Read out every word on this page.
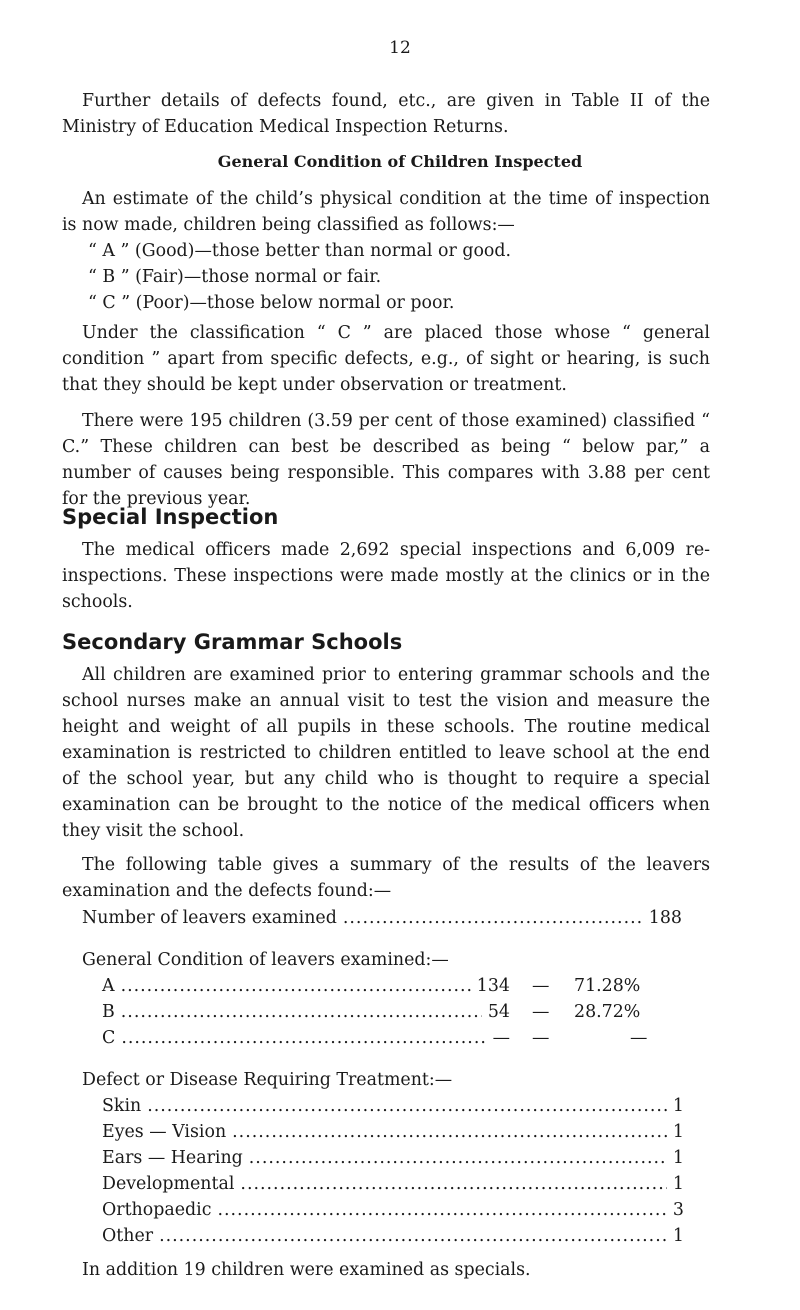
12

Further details of defects found, etc., are given in Table II of the Ministry of Education Medical Inspection Returns.

General Condition of Children Inspected

An estimate of the child’s physical condition at the time of inspection is now made, children being classified as follows:—

“ A ” (Good)—those better than normal or good.
“ B ” (Fair)—those normal or fair.
“ C ” (Poor)—those below normal or poor.

Under the classification “ C ” are placed those whose “ general condition ” apart from specific defects, e.g., of sight or hearing, is such that they should be kept under observation or treatment.

There were 195 children (3.59 per cent of those examined) classified “ C.” These children can best be described as being “ below par,” a number of causes being responsible. This compares with 3.88 per cent for the previous year.

Special Inspection

The medical officers made 2,692 special inspections and 6,009 re-inspections. These inspections were made mostly at the clinics or in the schools.

Secondary Grammar Schools

All children are examined prior to entering grammar schools and the school nurses make an annual visit to test the vision and measure the height and weight of all pupils in these schools. The routine medical examination is restricted to children entitled to leave school at the end of the school year, but any child who is thought to require a special examination can be brought to the notice of the medical officers when they visit the school.

The following table gives a summary of the results of the leavers examination and the defects found:—

Number of leavers examined .....	188
General Condition of leavers examined:—
A .....	134 — 71.28%
B .....	54 — 28.72%
C .....	— —	—
Defect or Disease Requiring Treatment:—
Skin .....	1
Eyes — Vision .....	1
Ears — Hearing .....	1
Developmental .....	1
Orthopaedic .....	3
Other .....	1
In addition 19 children were examined as specials.
